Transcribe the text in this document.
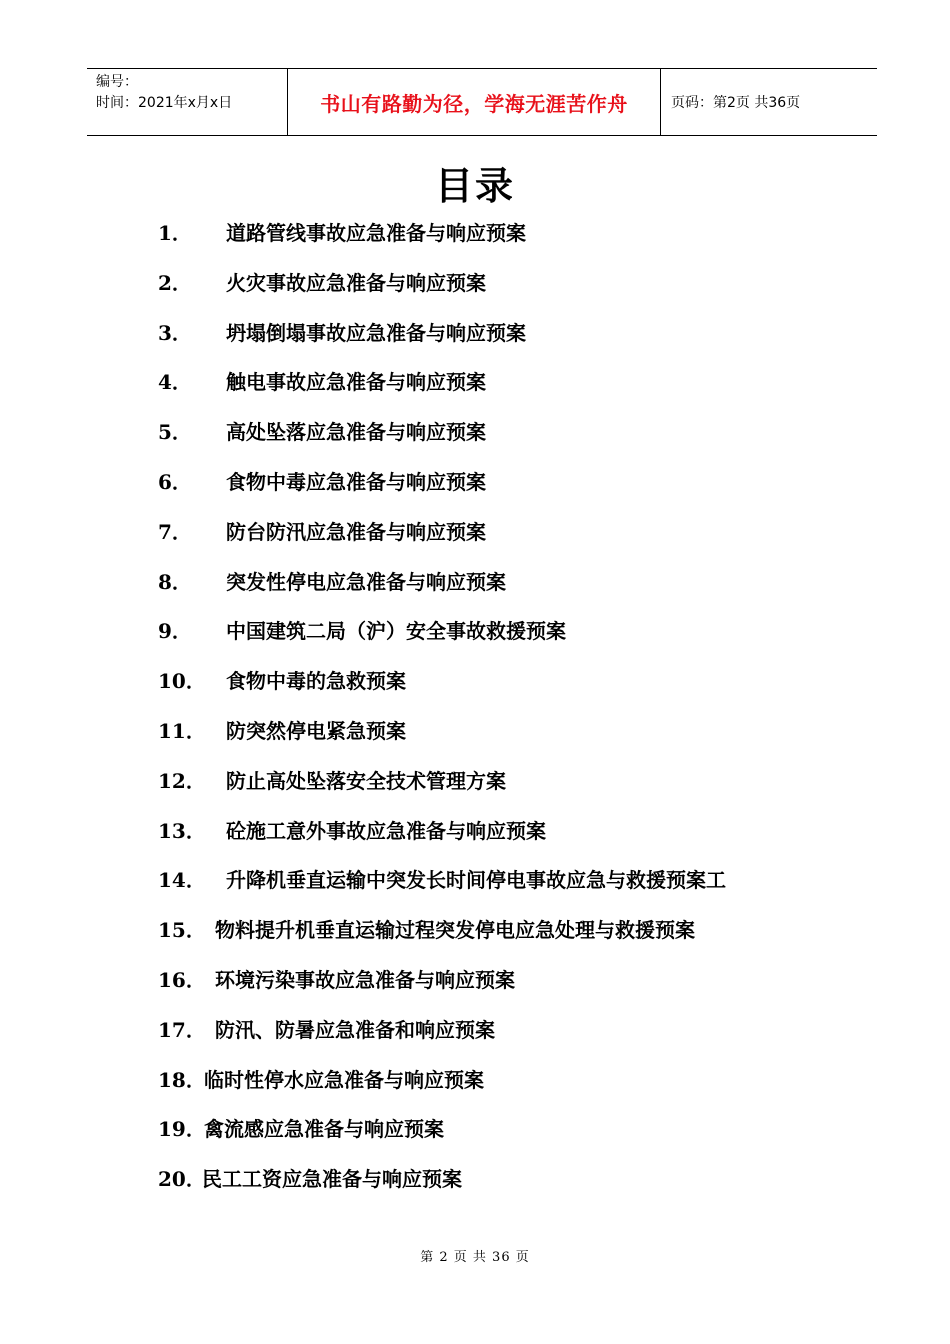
编号：
时间：2021年x月x日	书山有路勤为径，学海无涯苦作舟	页码：第2页 共36页
目录
1． 道路管线事故应急准备与响应预案
2． 火灾事故应急准备与响应预案
3． 坍塌倒塌事故应急准备与响应预案
4． 触电事故应急准备与响应预案
5． 高处坠落应急准备与响应预案
6． 食物中毒应急准备与响应预案
7． 防台防汛应急准备与响应预案
8． 突发性停电应急准备与响应预案
9． 中国建筑二局（沪）安全事故救援预案
10． 食物中毒的急救预案
11． 防突然停电紧急预案
12． 防止高处坠落安全技术管理方案
13． 砼施工意外事故应急准备与响应预案
14． 升降机垂直运输中突发长时间停电事故应急与救援预案工
15． 物料提升机垂直运输过程突发停电应急处理与救援预案
16． 环境污染事故应急准备与响应预案
17． 防汛、防暑应急准备和响应预案
18．临时性停水应急准备与响应预案
19．禽流感应急准备与响应预案
20．民工工资应急准备与响应预案
第 2 页 共 36 页
